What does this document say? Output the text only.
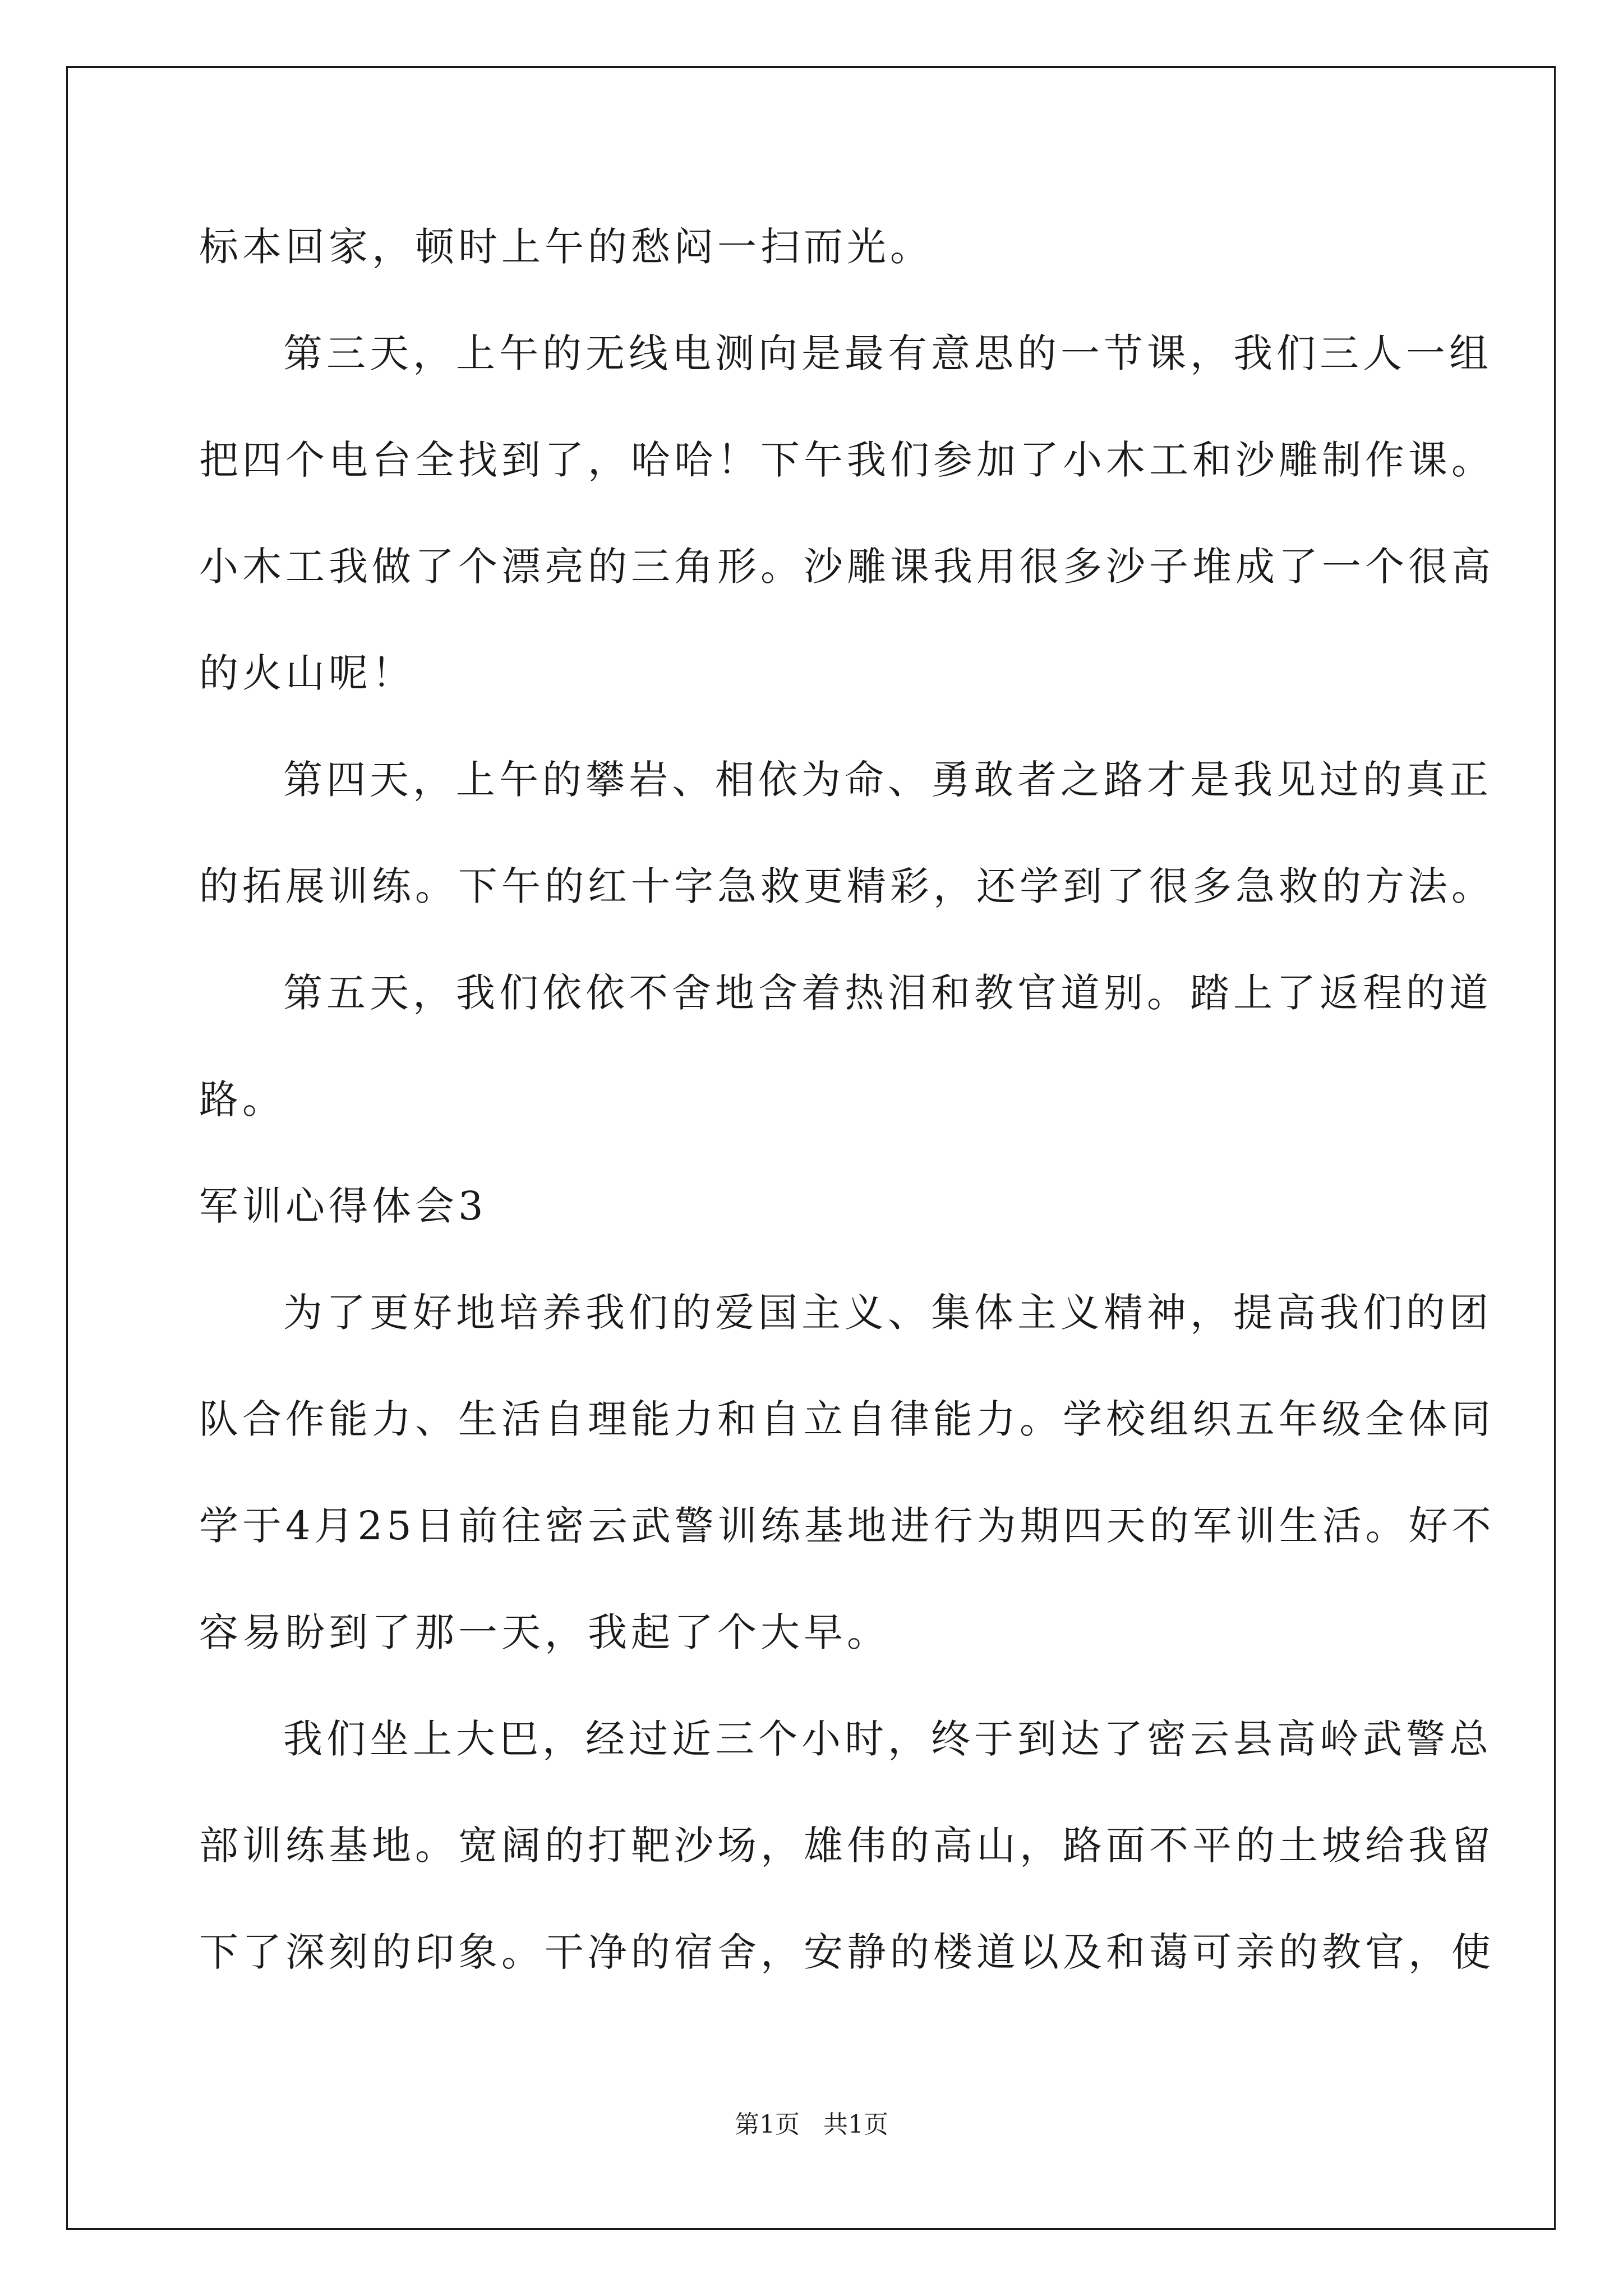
标本回家，顿时上午的愁闷一扫而光。
第三天，上午的无线电测向是最有意思的一节课，我们三人一组
把四个电台全找到了，哈哈！下午我们参加了小木工和沙雕制作课。
小木工我做了个漂亮的三角形。沙雕课我用很多沙子堆成了一个很高
的火山呢！
第四天，上午的攀岩、相依为命、勇敢者之路才是我见过的真正
的拓展训练。下午的红十字急救更精彩，还学到了很多急救的方法。
第五天，我们依依不舍地含着热泪和教官道别。踏上了返程的道
路。
军训心得体会3
为了更好地培养我们的爱国主义、集体主义精神，提高我们的团
队合作能力、生活自理能力和自立自律能力。学校组织五年级全体同
学于4月25日前往密云武警训练基地进行为期四天的军训生活。好不
容易盼到了那一天，我起了个大早。
我们坐上大巴，经过近三个小时，终于到达了密云县高岭武警总
部训练基地。宽阔的打靶沙场，雄伟的高山，路面不平的土坡给我留
下了深刻的印象。干净的宿舍，安静的楼道以及和蔼可亲的教官，使
第1页 共1页
